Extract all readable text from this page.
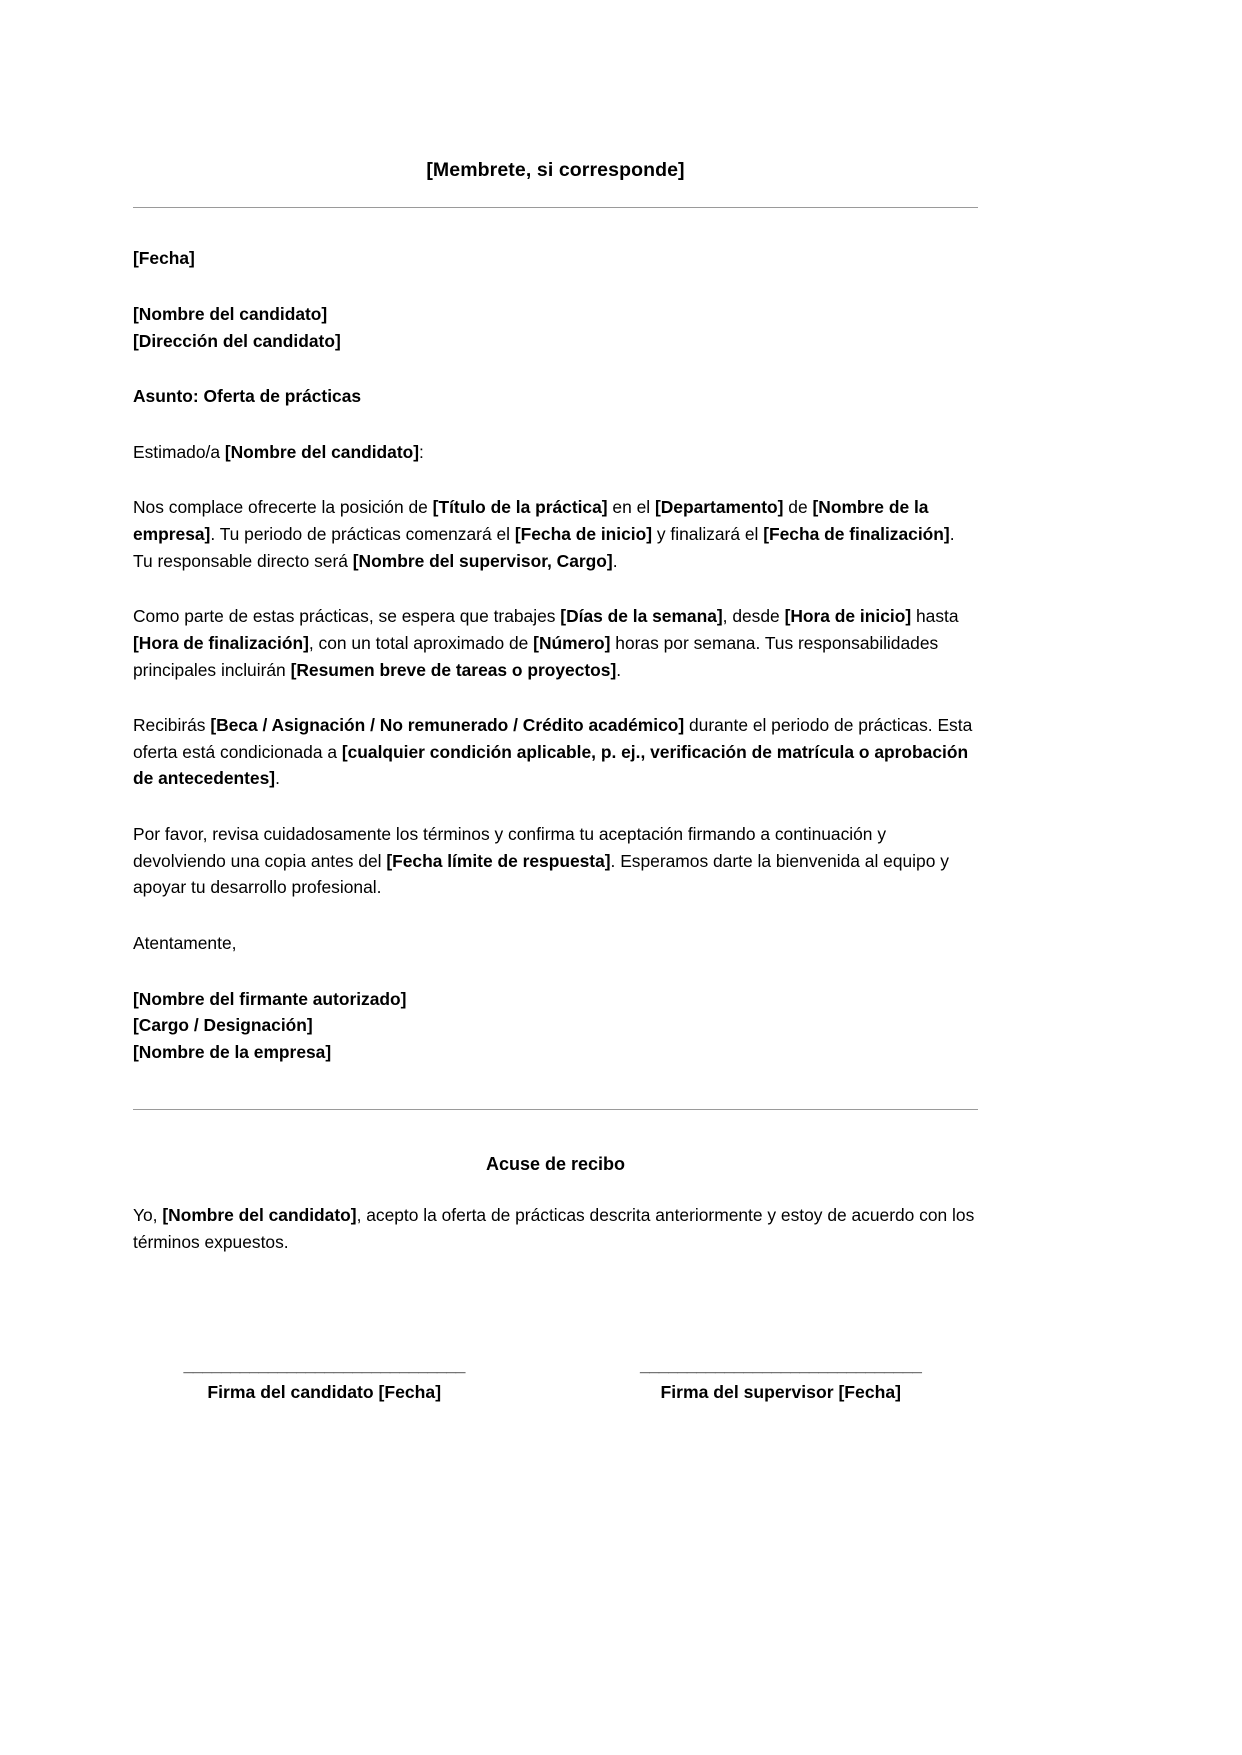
[Membrete, si corresponde]
[Fecha]
[Nombre del candidato]
[Dirección del candidato]
Asunto: Oferta de prácticas
Estimado/a [Nombre del candidato]:
Nos complace ofrecerte la posición de [Título de la práctica] en el [Departamento] de [Nombre de la empresa]. Tu periodo de prácticas comenzará el [Fecha de inicio] y finalizará el [Fecha de finalización]. Tu responsable directo será [Nombre del supervisor, Cargo].
Como parte de estas prácticas, se espera que trabajes [Días de la semana], desde [Hora de inicio] hasta [Hora de finalización], con un total aproximado de [Número] horas por semana. Tus responsabilidades principales incluirán [Resumen breve de tareas o proyectos].
Recibirás [Beca / Asignación / No remunerado / Crédito académico] durante el periodo de prácticas. Esta oferta está condicionada a [cualquier condición aplicable, p. ej., verificación de matrícula o aprobación de antecedentes].
Por favor, revisa cuidadosamente los términos y confirma tu aceptación firmando a continuación y devolviendo una copia antes del [Fecha límite de respuesta]. Esperamos darte la bienvenida al equipo y apoyar tu desarrollo profesional.
Atentamente,
[Nombre del firmante autorizado]
[Cargo / Designación]
[Nombre de la empresa]
Acuse de recibo
Yo, [Nombre del candidato], acepto la oferta de prácticas descrita anteriormente y estoy de acuerdo con los términos expuestos.
______________________________
Firma del candidato [Fecha]
______________________________
Firma del supervisor [Fecha]
